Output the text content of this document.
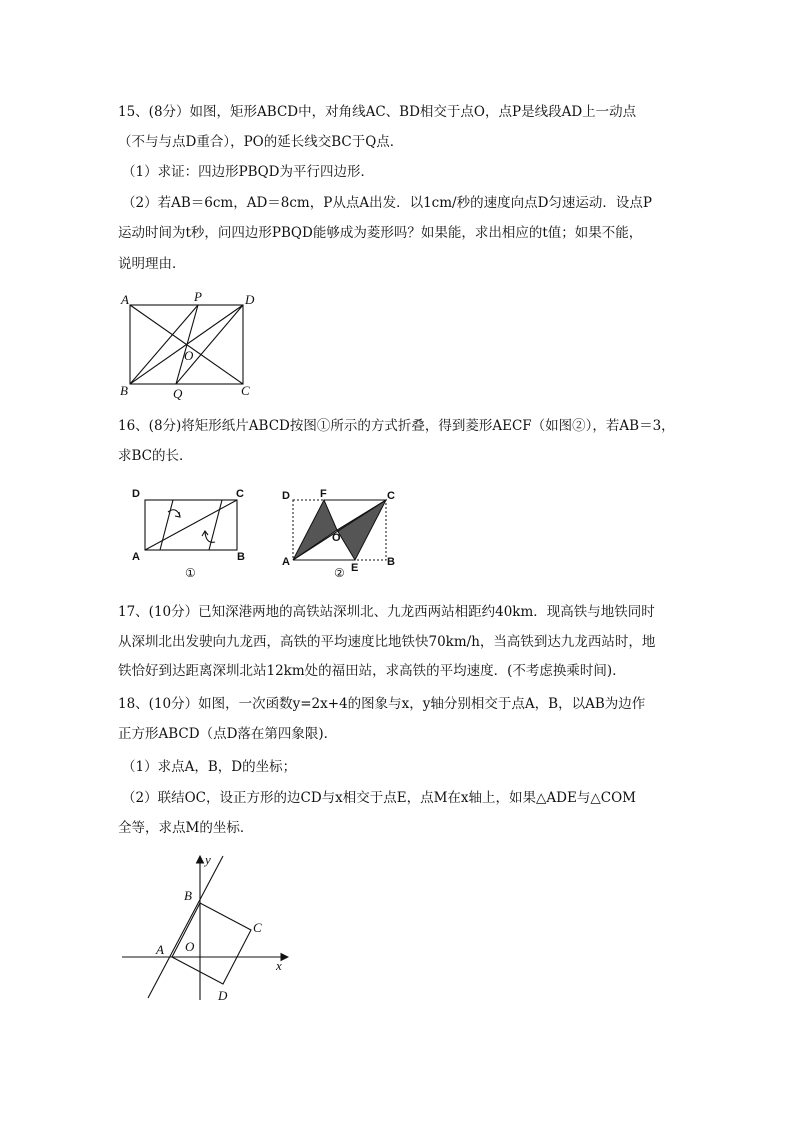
15、(8分）如图，矩形ABCD中，对角线AC、BD相交于点O，点P是线段AD上一动点
（不与与点D重合），PO的延长线交BC于Q点．
（1）求证：四边形PBQD为平行四边形．
（2）若AB＝6cm，AD＝8cm，P从点A出发．以1cm/秒的速度向点D匀速运动．设点P
运动时间为t秒，问四边形PBQD能够成为菱形吗？如果能，求出相应的t值；如果不能，
说明理由．
A	P	D
O
B	Q	C
16、(8分)将矩形纸片ABCD按图①所示的方式折叠，得到菱形AECF（如图②），若AB＝3，
求BC的长．
D	C
A	B
①
D	F	C
O
A	E	B
②
17、(10分）已知深港两地的高铁站深圳北、九龙西两站相距约40km．现高铁与地铁同时
从深圳北出发驶向九龙西，高铁的平均速度比地铁快70km/h，当高铁到达九龙西站时，地
铁恰好到达距离深圳北站12km处的福田站，求高铁的平均速度．(不考虑换乘时间)．
18、(10分）如图，一次函数y=2x+4的图象与x，y轴分别相交于点A，B，以AB为边作
正方形ABCD（点D落在第四象限)．
（1）求点A，B，D的坐标；
（2）联结OC，设正方形的边CD与x相交于点E，点M在x轴上，如果△ADE与△COM
全等，求点M的坐标．
y
x
B
C
A O
D
